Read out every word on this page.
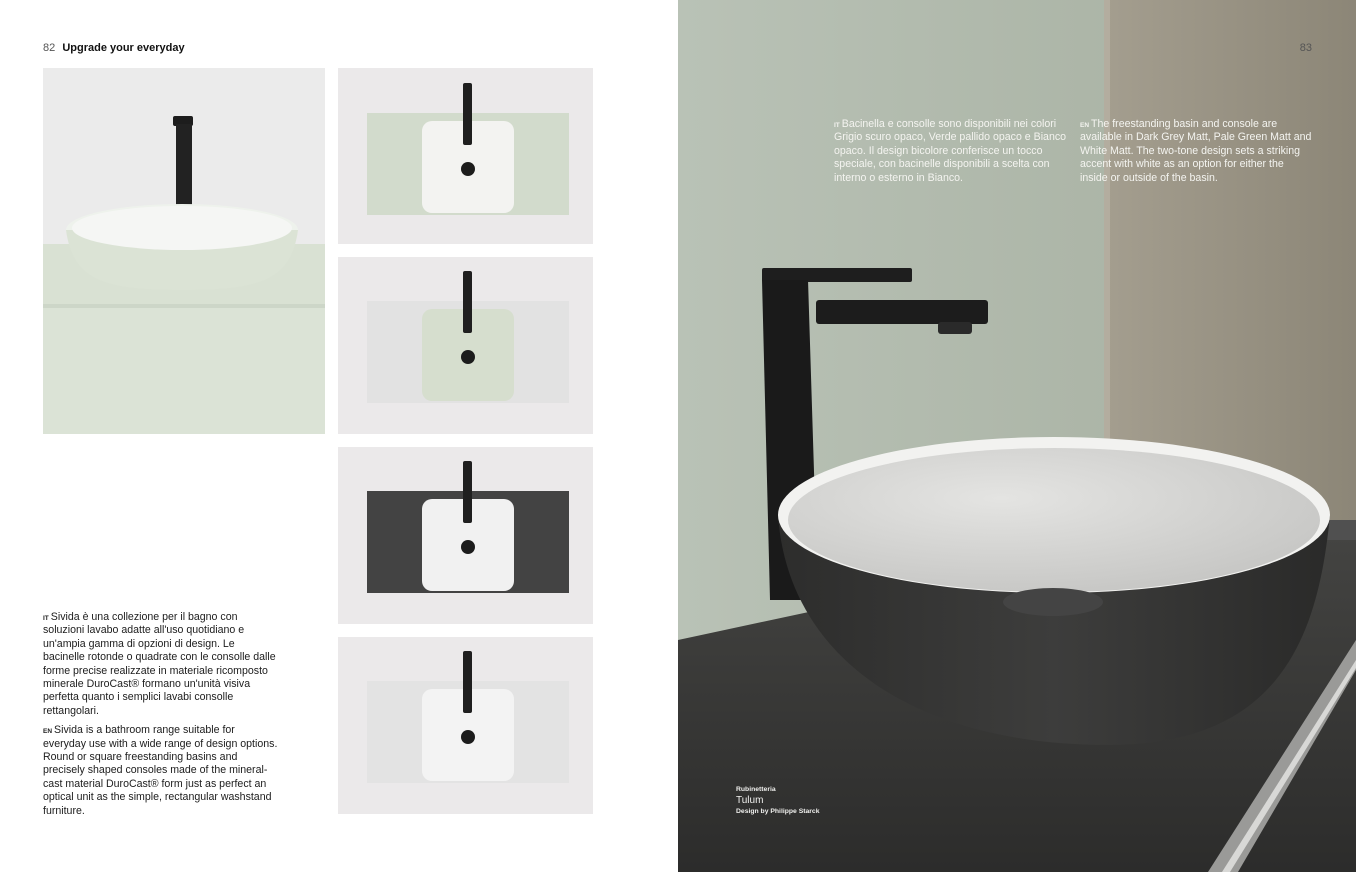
82 Upgrade your everyday

$^{IT}$ Sivida è una collezione per il bagno con soluzioni lavabo adatte all'uso quotidiano e un'ampia gamma di opzioni di design. Le bacinelle rotonde o quadrate con le consolle dalle forme precise realizzate in materiale ricomposto minerale DuroCast® formano un'unità visiva perfetta quanto i semplici lavabi consolle rettangolari.

$^{EN}$ Sivida is a bathroom range suitable for everyday use with a wide range of design options. Round or square freestanding basins and precisely shaped consoles made of the mineral-cast material DuroCast® form just as perfect an optical unit as the simple, rectangular washstand furniture.

83
$^{IT}$ Bacinella e consolle sono disponibili nei colori Grigio scuro opaco, Verde pallido opaco e Bianco opaco. Il design bicolore conferisce un tocco speciale, con bacinelle disponibili a scelta con interno o esterno in Bianco.
$^{EN}$ The freestanding basin and console are available in Dark Grey Matt, Pale Green Matt and White Matt. The two-tone design sets a striking accent with white as an option for either the inside or outside of the basin.
Rubinetteria
Tulum
Design by Philippe Starck
